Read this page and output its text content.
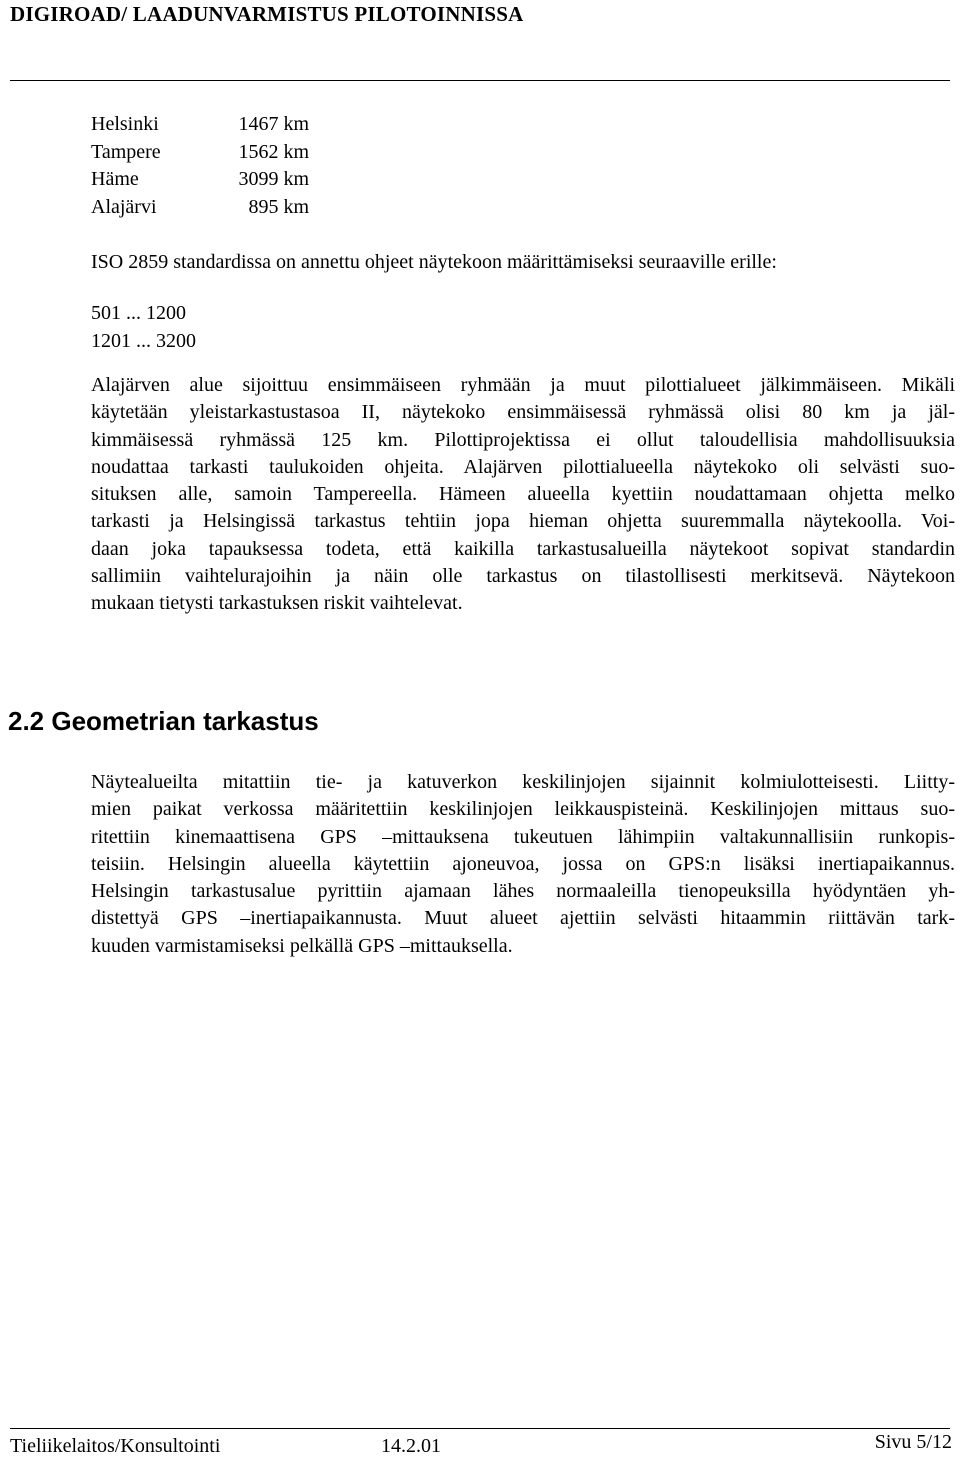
DIGIROAD/ LAADUNVARMISTUS PILOTOINNISSA
Helsinki	1467 km
Tampere	1562 km
Häme	3099 km
Alajärvi	895 km
ISO 2859 standardissa on annettu ohjeet näytekoon määrittämiseksi seuraaville erille:
501 ... 1200
1201 ... 3200
Alajärven alue sijoittuu ensimmäiseen ryhmään ja muut pilottialueet jälkimmäiseen. Mikäli
käytetään yleistarkastustasoa II, näytekoko ensimmäisessä ryhmässä olisi 80 km ja jäl-
kimmäisessä ryhmässä 125 km. Pilottiprojektissa ei ollut taloudellisia mahdollisuuksia
noudattaa tarkasti taulukoiden ohjeita. Alajärven pilottialueella näytekoko oli selvästi suo-
situksen alle, samoin Tampereella. Hämeen alueella kyettiin noudattamaan ohjetta melko
tarkasti ja Helsingissä tarkastus tehtiin jopa hieman ohjetta suuremmalla näytekoolla. Voi-
daan joka tapauksessa todeta, että kaikilla tarkastusalueilla näytekoot sopivat standardin
sallimiin vaihtelurajoihin ja näin olle tarkastus on tilastollisesti merkitsevä. Näytekoon
mukaan tietysti tarkastuksen riskit vaihtelevat.
2.2 Geometrian tarkastus
Näytealueilta mitattiin tie- ja katuverkon keskilinjojen sijainnit kolmiulotteisesti. Liitty-
mien paikat verkossa määritettiin keskilinjojen leikkauspisteinä. Keskilinjojen mittaus suo-
ritettiin kinemaattisena GPS –mittauksena tukeutuen lähimpiin valtakunnallisiin runkopis-
teisiin. Helsingin alueella käytettiin ajoneuvoa, jossa on GPS:n lisäksi inertiapaikannus.
Helsingin tarkastusalue pyrittiin ajamaan lähes normaaleilla tienopeuksilla hyödyntäen yh-
distettyä GPS –inertiapaikannusta. Muut alueet ajettiin selvästi hitaammin riittävän tark-
kuuden varmistamiseksi pelkällä GPS –mittauksella.
Tieliikelaitos/Konsultointi	14.2.01	Sivu 5/12
